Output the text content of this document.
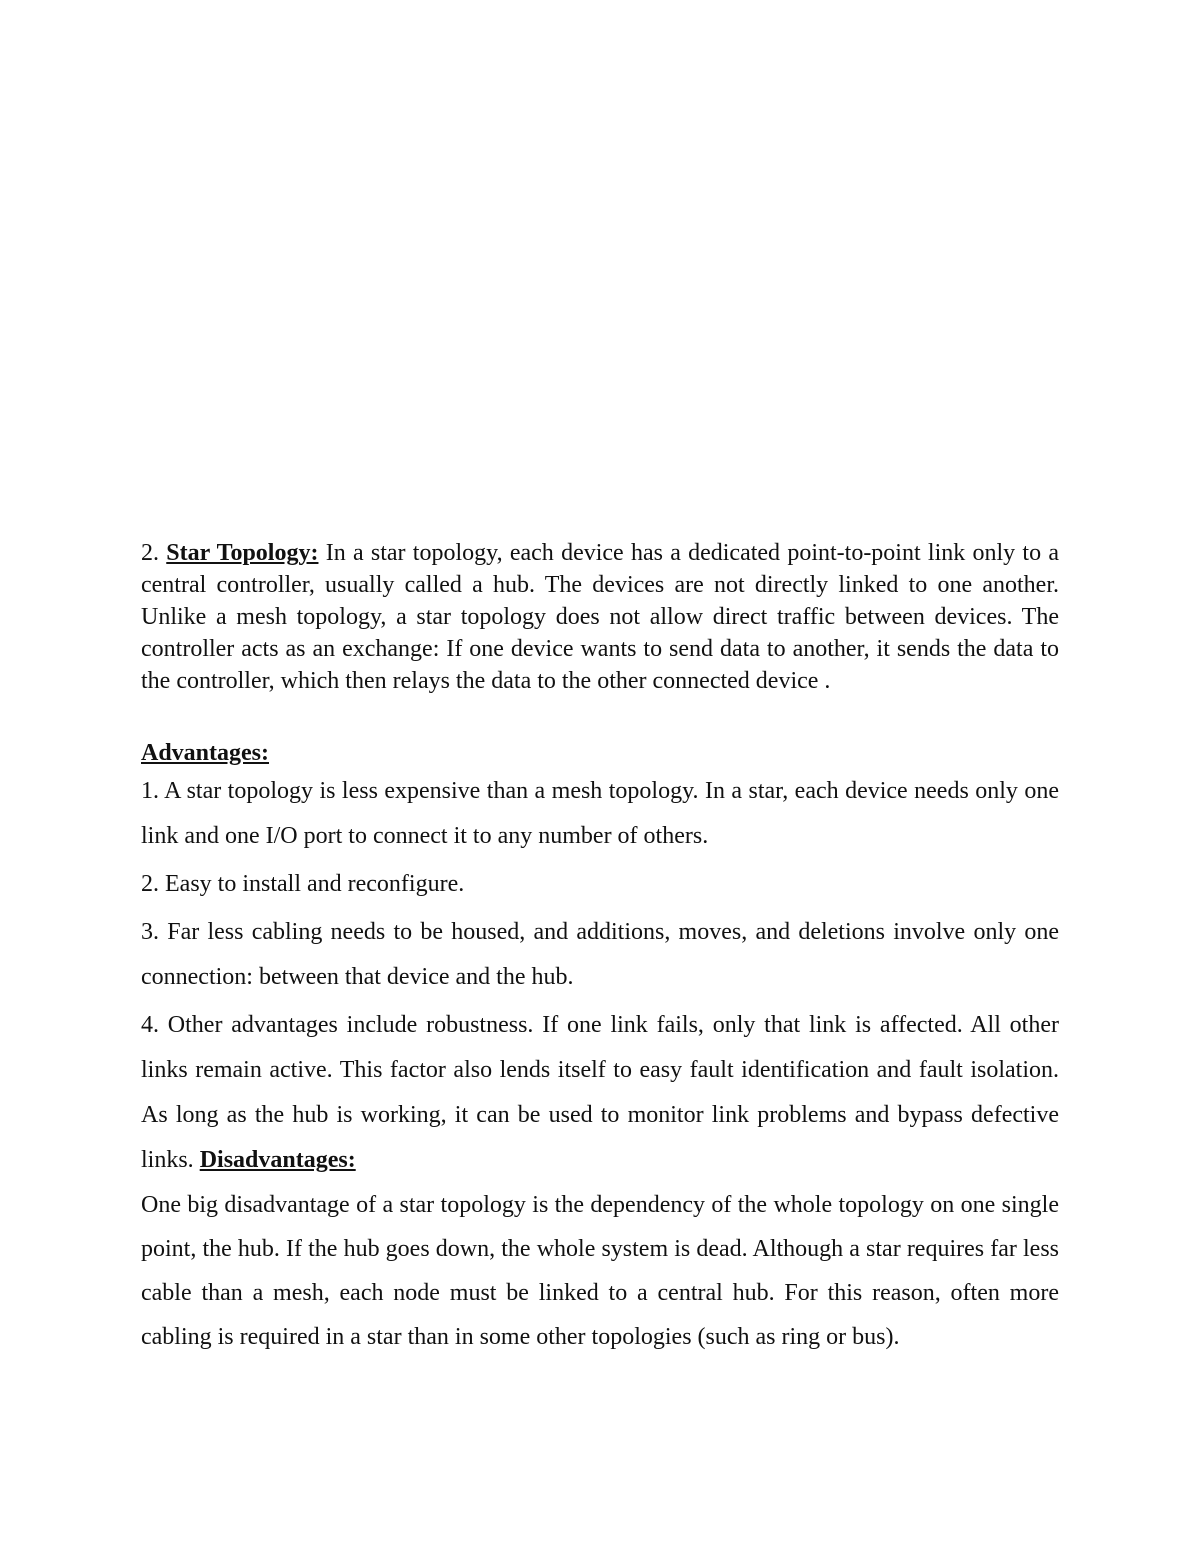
2. Star Topology: In a star topology, each device has a dedicated point-to-point link only to a central controller, usually called a hub. The devices are not directly linked to one another. Unlike a mesh topology, a star topology does not allow direct traffic between devices. The controller acts as an exchange: If one device wants to send data to another, it sends the data to the controller, which then relays the data to the other connected device .

Advantages:

1. A star topology is less expensive than a mesh topology. In a star, each device needs only one link and one I/O port to connect it to any number of others.

2. Easy to install and reconfigure.

3. Far less cabling needs to be housed, and additions, moves, and deletions involve only one connection: between that device and the hub.

4. Other advantages include robustness. If one link fails, only that link is affected. All other links remain active. This factor also lends itself to easy fault identification and fault isolation. As long as the hub is working, it can be used to monitor link problems and bypass defective links. Disadvantages:

One big disadvantage of a star topology is the dependency of the whole topology on one single point, the hub. If the hub goes down, the whole system is dead. Although a star requires far less cable than a mesh, each node must be linked to a central hub. For this reason, often more cabling is required in a star than in some other topologies (such as ring or bus).
